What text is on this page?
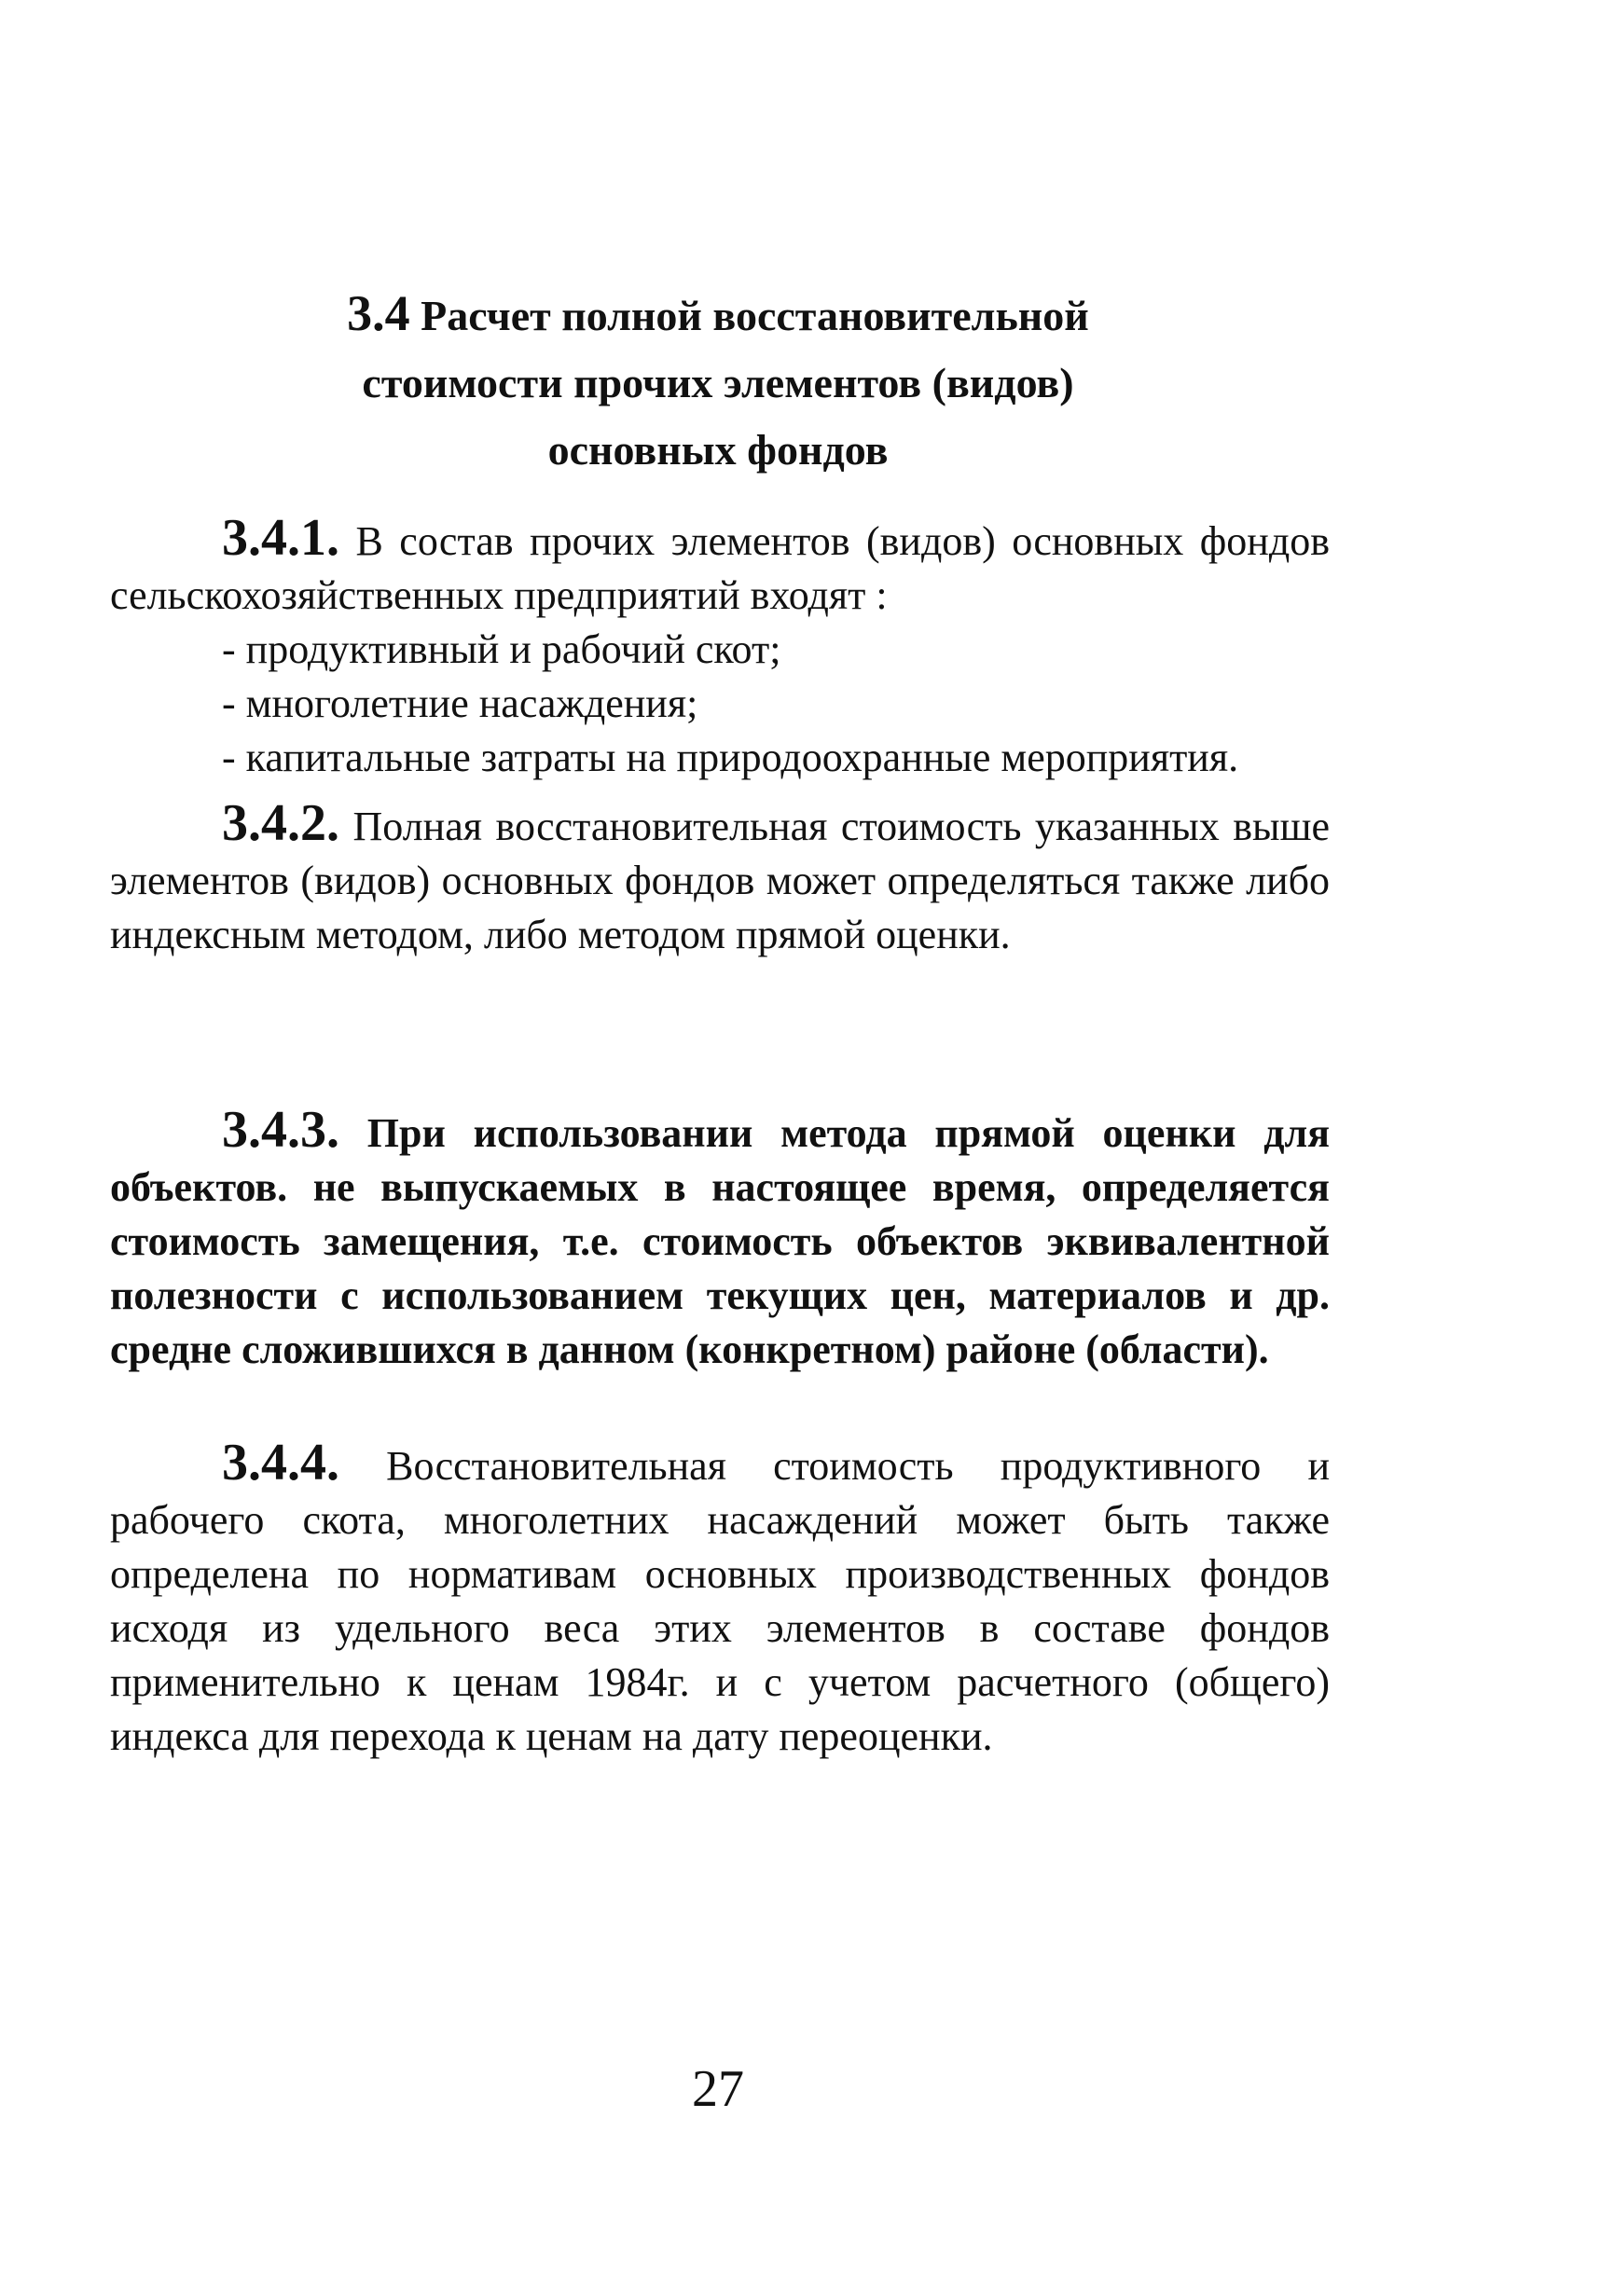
3.4 Расчет полной восстановительной
стоимости прочих элементов (видов)
основных фондов

3.4.1. В состав прочих элементов (видов) основных фондов сельскохозяйственных предприятий входят :

- продуктивный и рабочий скот;

- многолетние насаждения;

- капитальные затраты на природоохранные мероприятия.

3.4.2. Полная восстановительная стоимость указанных выше элементов (видов) основных фондов может определяться также либо индексным методом, либо методом прямой оценки.

3.4.3. При использовании метода прямой оценки для объектов. не выпускаемых в настоящее время, определяется стоимость замещения, т.е. стоимость объектов эквивалентной полезности с использованием текущих цен, материалов и др. средне сложившихся в данном (конкретном) районе (области).

3.4.4. Восстановительная стоимость продуктивного и рабочего скота, многолетних насаждений может быть также определена по нормативам основных производственных фондов исходя из удельного веса этих элементов в составе фондов применительно к ценам 1984г. и с учетом расчетного (общего) индекса для перехода к ценам на дату переоценки.

27
